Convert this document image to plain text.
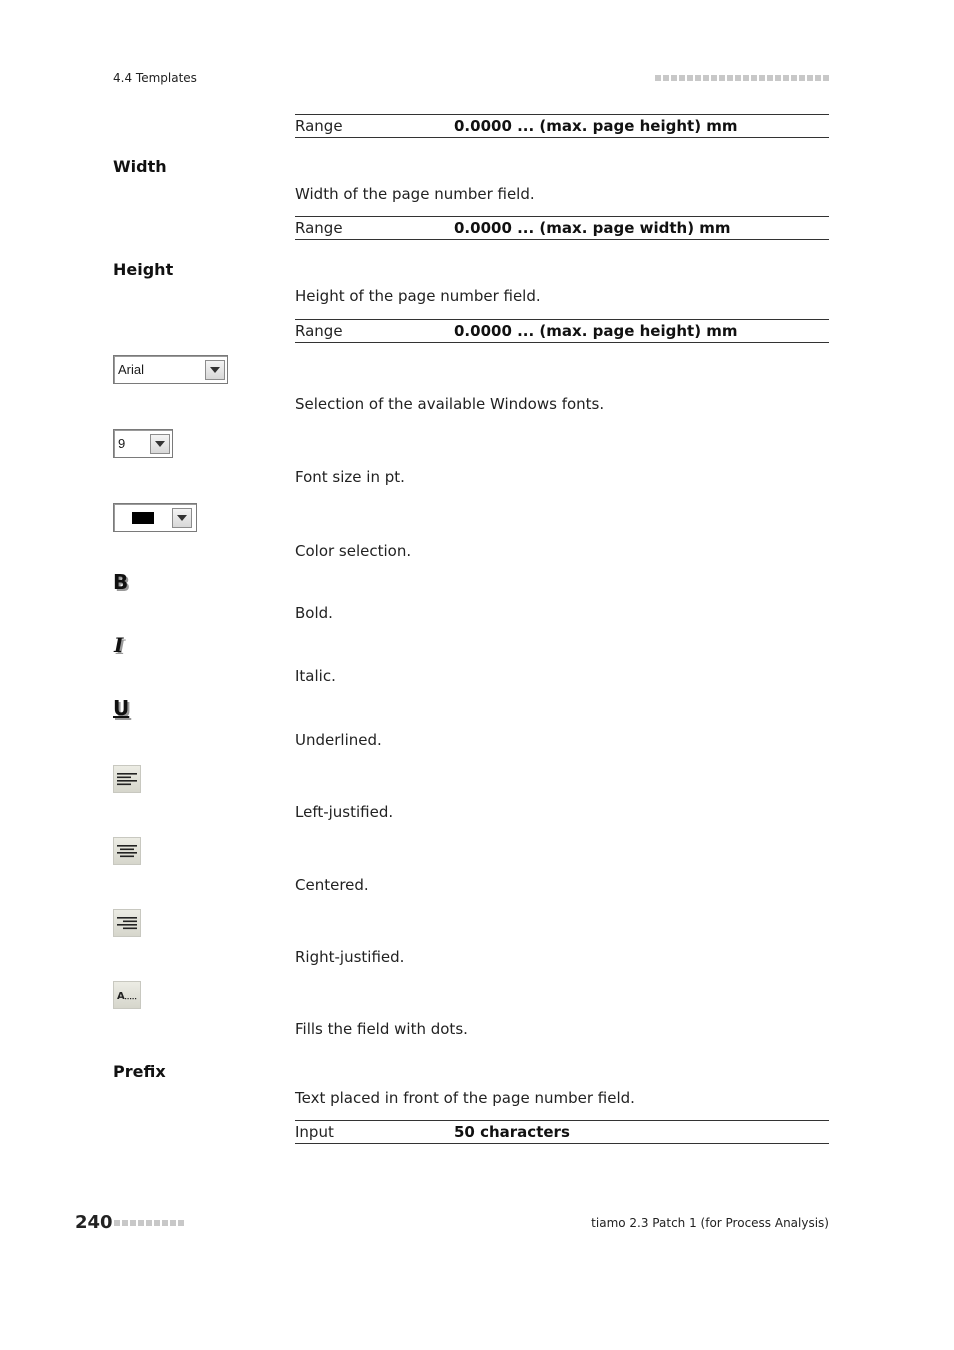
4.4 Templates
Range	0.0000 ... (max. page height) mm
Width
Width of the page number field.
Range	0.0000 ... (max. page width) mm
Height
Height of the page number field.
Range	0.0000 ... (max. page height) mm
Arial
Selection of the available Windows fonts.
9
Font size in pt.
Color selection.
B
Bold.
I
Italic.
U
Underlined.
Left-justified.
Centered.
Right-justified.
A
Fills the field with dots.
Prefix
Text placed in front of the page number field.
Input	50 characters
240	tiamo 2.3 Patch 1 (for Process Analysis)
